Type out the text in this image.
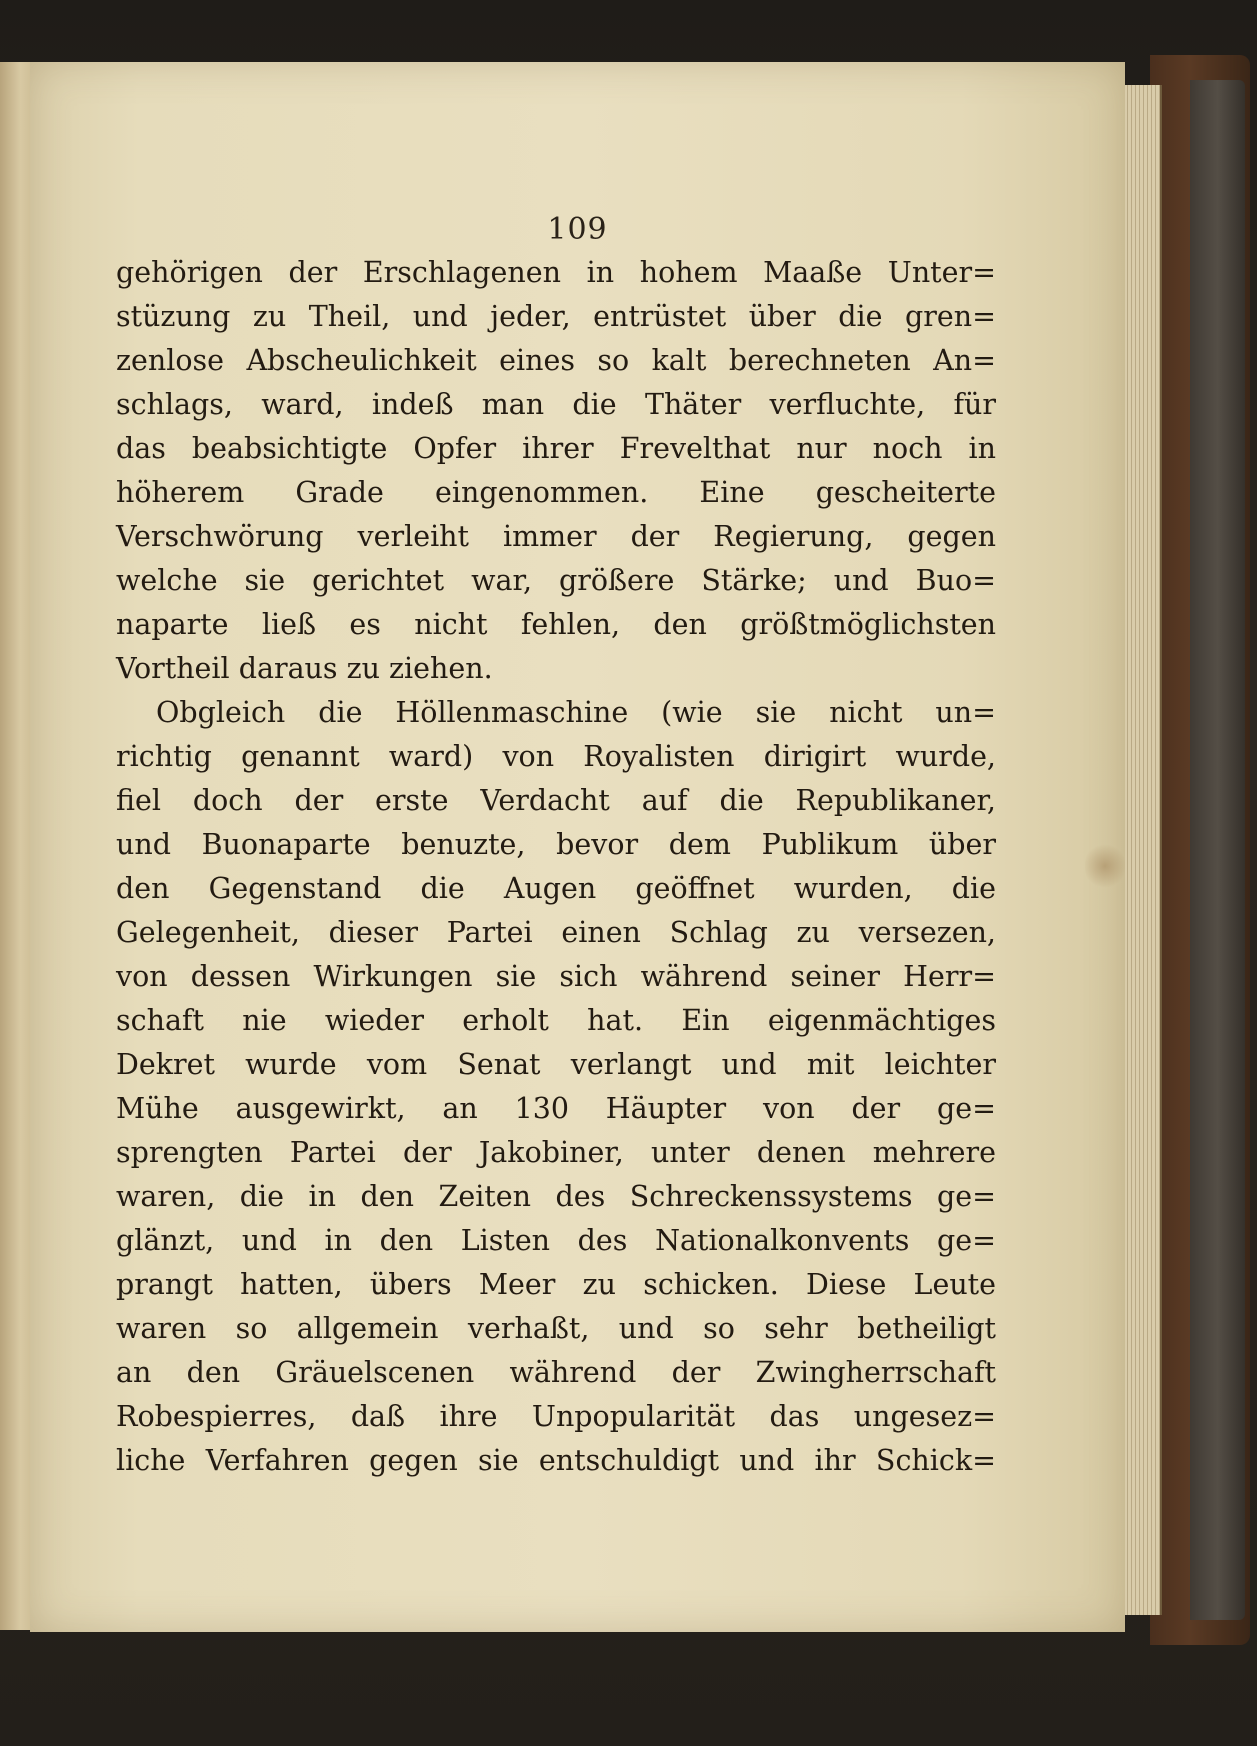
109
gehörigen der Erschlagenen in hohem Maaße Unter=
stüzung zu Theil, und jeder, entrüstet über die gren=
zenlose Abscheulichkeit eines so kalt berechneten An=
schlags, ward, indeß man die Thäter verfluchte, für
das beabsichtigte Opfer ihrer Frevelthat nur noch in
höherem Grade eingenommen. Eine gescheiterte
Verschwörung verleiht immer der Regierung, gegen
welche sie gerichtet war, größere Stärke; und Buo=
naparte ließ es nicht fehlen, den größtmöglichsten
Vortheil daraus zu ziehen.
Obgleich die Höllenmaschine (wie sie nicht un=
richtig genannt ward) von Royalisten dirigirt wurde,
fiel doch der erste Verdacht auf die Republikaner,
und Buonaparte benuzte, bevor dem Publikum über
den Gegenstand die Augen geöffnet wurden, die
Gelegenheit, dieser Partei einen Schlag zu versezen,
von dessen Wirkungen sie sich während seiner Herr=
schaft nie wieder erholt hat. Ein eigenmächtiges
Dekret wurde vom Senat verlangt und mit leichter
Mühe ausgewirkt, an 130 Häupter von der ge=
sprengten Partei der Jakobiner, unter denen mehrere
waren, die in den Zeiten des Schreckenssystems ge=
glänzt, und in den Listen des Nationalkonvents ge=
prangt hatten, übers Meer zu schicken. Diese Leute
waren so allgemein verhaßt, und so sehr betheiligt
an den Gräuelscenen während der Zwingherrschaft
Robespierres, daß ihre Unpopularität das ungesez=
liche Verfahren gegen sie entschuldigt und ihr Schick=
